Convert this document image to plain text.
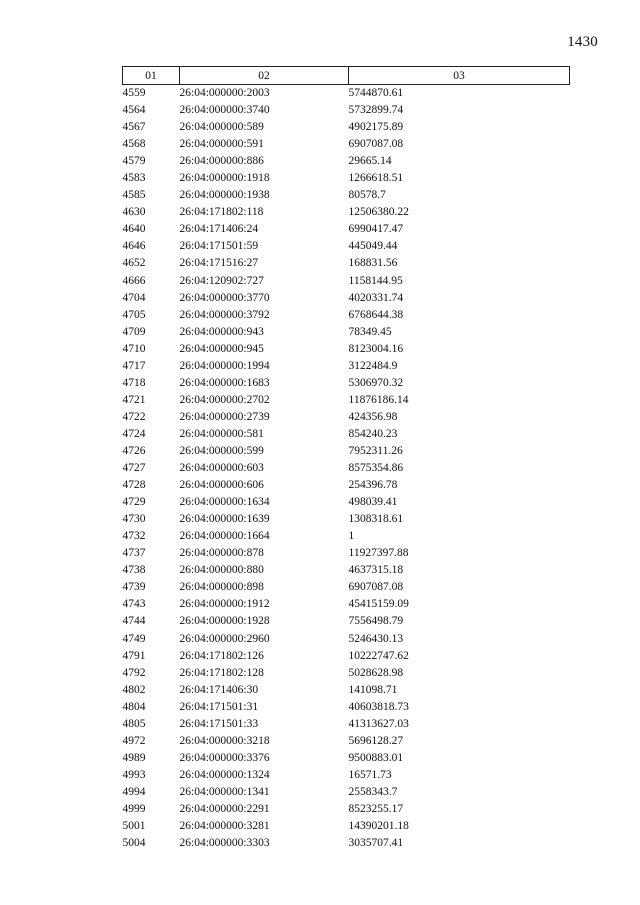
1430
01	02	03
4559	26:04:000000:2003	5744870.61
4564	26:04:000000:3740	5732899.74
4567	26:04:000000:589	4902175.89
4568	26:04:000000:591	6907087.08
4579	26:04:000000:886	29665.14
4583	26:04:000000:1918	1266618.51
4585	26:04:000000:1938	80578.7
4630	26:04:171802:118	12506380.22
4640	26:04:171406:24	6990417.47
4646	26:04:171501:59	445049.44
4652	26:04:171516:27	168831.56
4666	26:04:120902:727	1158144.95
4704	26:04:000000:3770	4020331.74
4705	26:04:000000:3792	6768644.38
4709	26:04:000000:943	78349.45
4710	26:04:000000:945	8123004.16
4717	26:04:000000:1994	3122484.9
4718	26:04:000000:1683	5306970.32
4721	26:04:000000:2702	11876186.14
4722	26:04:000000:2739	424356.98
4724	26:04:000000:581	854240.23
4726	26:04:000000:599	7952311.26
4727	26:04:000000:603	8575354.86
4728	26:04:000000:606	254396.78
4729	26:04:000000:1634	498039.41
4730	26:04:000000:1639	1308318.61
4732	26:04:000000:1664	1
4737	26:04:000000:878	11927397.88
4738	26:04:000000:880	4637315.18
4739	26:04:000000:898	6907087.08
4743	26:04:000000:1912	45415159.09
4744	26:04:000000:1928	7556498.79
4749	26:04:000000:2960	5246430.13
4791	26:04:171802:126	10222747.62
4792	26:04:171802:128	5028628.98
4802	26:04:171406:30	141098.71
4804	26:04:171501:31	40603818.73
4805	26:04:171501:33	41313627.03
4972	26:04:000000:3218	5696128.27
4989	26:04:000000:3376	9500883.01
4993	26:04:000000:1324	16571.73
4994	26:04:000000:1341	2558343.7
4999	26:04:000000:2291	8523255.17
5001	26:04:000000:3281	14390201.18
5004	26:04:000000:3303	3035707.41
